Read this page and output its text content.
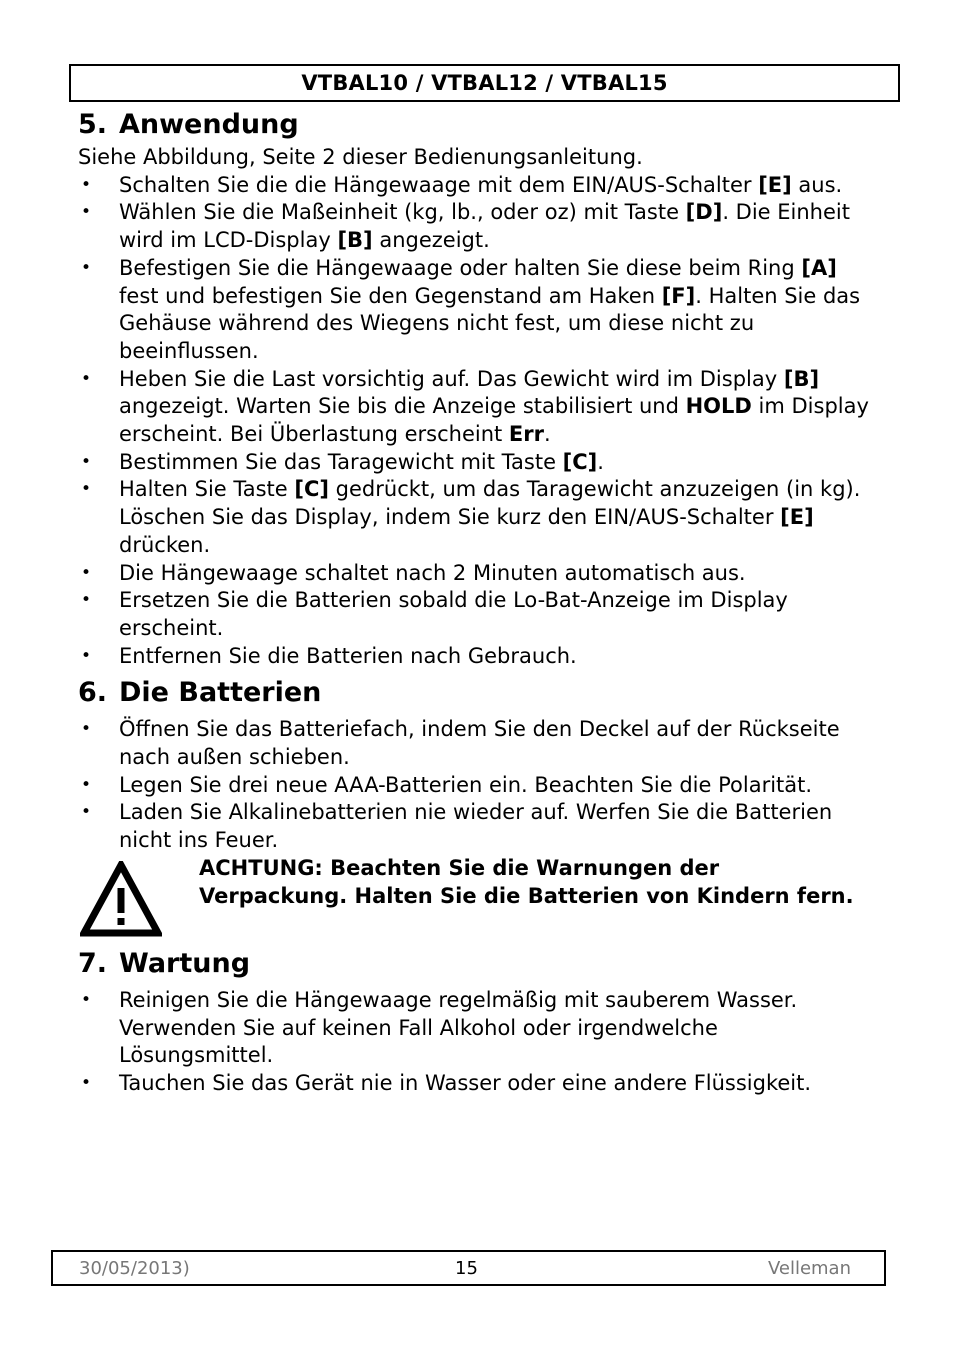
VTBAL10 / VTBAL12 / VTBAL15
5. Anwendung

Siehe Abbildung, Seite 2 dieser Bedienungsanleitung.

• Schalten Sie die die Hängewaage mit dem EIN/AUS-Schalter [E] aus.
• Wählen Sie die Maßeinheit (kg, lb., oder oz) mit Taste [D]. Die Einheit wird im LCD-Display [B] angezeigt.
• Befestigen Sie die Hängewaage oder halten Sie diese beim Ring [A] fest und befestigen Sie den Gegenstand am Haken [F]. Halten Sie das Gehäuse während des Wiegens nicht fest, um diese nicht zu beeinflussen.
• Heben Sie die Last vorsichtig auf. Das Gewicht wird im Display [B] angezeigt. Warten Sie bis die Anzeige stabilisiert und HOLD im Display erscheint. Bei Überlastung erscheint Err.
• Bestimmen Sie das Taragewicht mit Taste [C].
• Halten Sie Taste [C] gedrückt, um das Taragewicht anzuzeigen (in kg). Löschen Sie das Display, indem Sie kurz den EIN/AUS-Schalter [E] drücken.
• Die Hängewaage schaltet nach 2 Minuten automatisch aus.
• Ersetzen Sie die Batterien sobald die Lo-Bat-Anzeige im Display erscheint.
• Entfernen Sie die Batterien nach Gebrauch.
6. Die Batterien
• Öffnen Sie das Batteriefach, indem Sie den Deckel auf der Rückseite nach außen schieben.
• Legen Sie drei neue AAA-Batterien ein. Beachten Sie die Polarität.
• Laden Sie Alkalinebatterien nie wieder auf. Werfen Sie die Batterien nicht ins Feuer.
ACHTUNG: Beachten Sie die Warnungen der Verpackung. Halten Sie die Batterien von Kindern fern.
7. Wartung
• Reinigen Sie die Hängewaage regelmäßig mit sauberem Wasser. Verwenden Sie auf keinen Fall Alkohol oder irgendwelche Lösungsmittel.
• Tauchen Sie das Gerät nie in Wasser oder eine andere Flüssigkeit.
30/05/2013)	15	Velleman
